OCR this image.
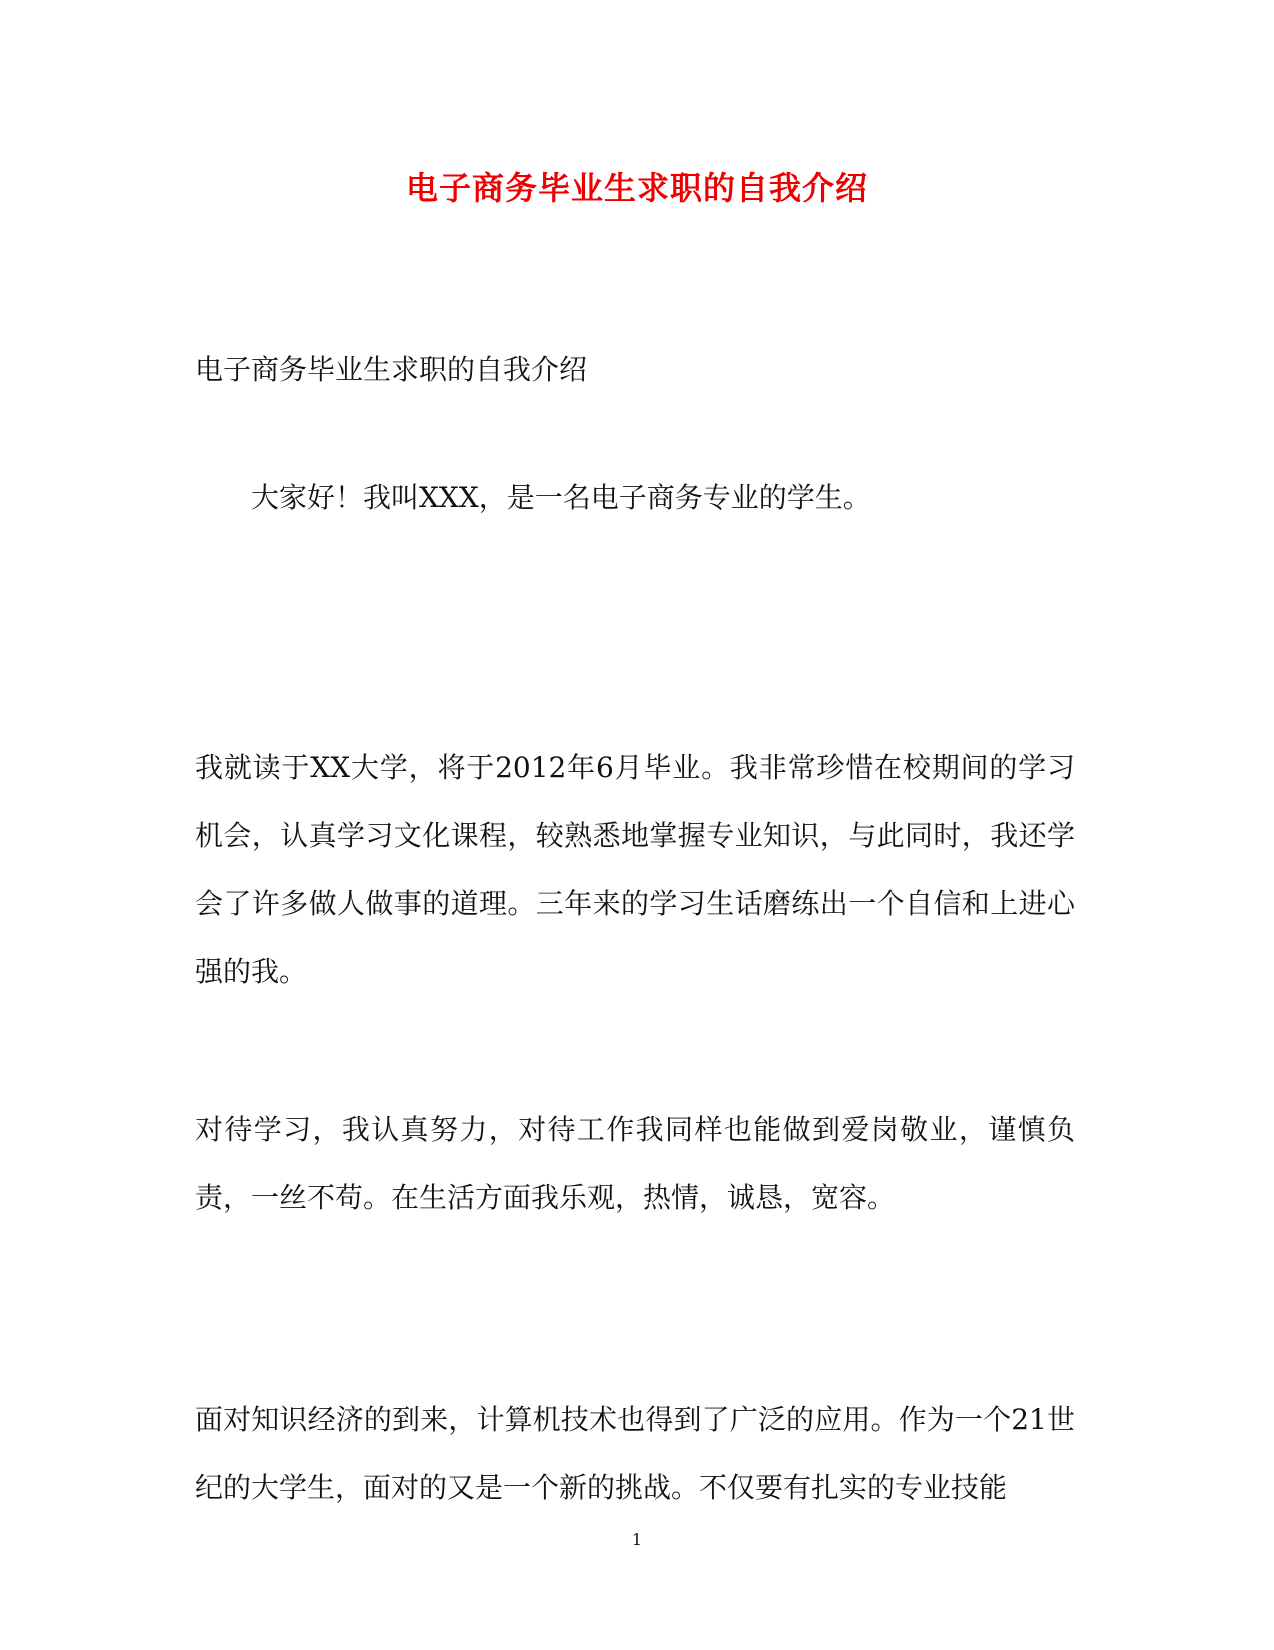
电子商务毕业生求职的自我介绍

电子商务毕业生求职的自我介绍

大家好！我叫XXX，是一名电子商务专业的学生。

我就读于XX大学，将于2012年6月毕业。我非常珍惜在校期间的学习机会，认真学习文化课程，较熟悉地掌握专业知识，与此同时，我还学会了许多做人做事的道理。三年来的学习生话磨练出一个自信和上进心强的我。

对待学习，我认真努力，对待工作我同样也能做到爱岗敬业，谨慎负责，一丝不苟。在生活方面我乐观，热情，诚恳，宽容。

面对知识经济的到来，计算机技术也得到了广泛的应用。作为一个21世纪的大学生，面对的又是一个新的挑战。不仅要有扎实的专业技能

1
